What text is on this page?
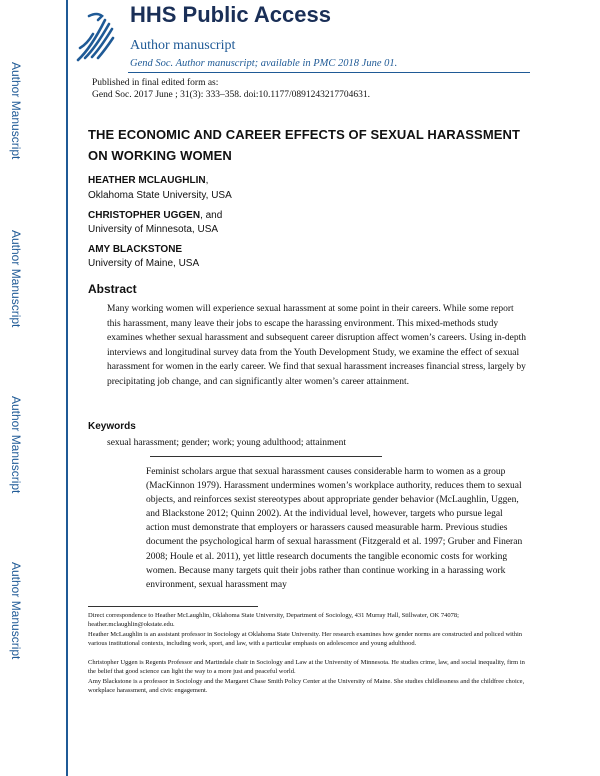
Author Manuscript
Author Manuscript
Author Manuscript
Author Manuscript
HHS Public Access
Author manuscript
Gend Soc. Author manuscript; available in PMC 2018 June 01.
Published in final edited form as:
Gend Soc. 2017 June ; 31(3): 333–358. doi:10.1177/0891243217704631.
THE ECONOMIC AND CAREER EFFECTS OF SEXUAL HARASSMENT ON WORKING WOMEN
HEATHER MCLAUGHLIN,
Oklahoma State University, USA
CHRISTOPHER UGGEN, and
University of Minnesota, USA
AMY BLACKSTONE
University of Maine, USA
Abstract

Many working women will experience sexual harassment at some point in their careers. While some report this harassment, many leave their jobs to escape the harassing environment. This mixed-methods study examines whether sexual harassment and subsequent career disruption affect women’s careers. Using in-depth interviews and longitudinal survey data from the Youth Development Study, we examine the effect of sexual harassment for women in the early career. We find that sexual harassment increases financial stress, largely by precipitating job change, and can significantly alter women’s career attainment.

Keywords
sexual harassment; gender; work; young adulthood; attainment

Feminist scholars argue that sexual harassment causes considerable harm to women as a group (MacKinnon 1979). Harassment undermines women’s workplace authority, reduces them to sexual objects, and reinforces sexist stereotypes about appropriate gender behavior (McLaughlin, Uggen, and Blackstone 2012; Quinn 2002). At the individual level, however, targets who pursue legal action must demonstrate that employers or harassers caused measurable harm. Previous studies document the psychological harm of sexual harassment (Fitzgerald et al. 1997; Gruber and Fineran 2008; Houle et al. 2011), yet little research documents the tangible economic costs for working women. Because many targets quit their jobs rather than continue working in a harassing work environment, sexual harassment may

Direct correspondence to Heather McLaughlin, Oklahoma State University, Department of Sociology, 431 Murray Hall, Stillwater, OK 74078; heather.mclaughlin@okstate.edu.

Heather McLaughlin is an assistant professor in Sociology at Oklahoma State University. Her research examines how gender norms are constructed and policed within various institutional contexts, including work, sport, and law, with a particular emphasis on adolescence and young adulthood.

Christopher Uggen is Regents Professor and Martindale chair in Sociology and Law at the University of Minnesota. He studies crime, law, and social inequality, firm in the belief that good science can light the way to a more just and peaceful world.

Amy Blackstone is a professor in Sociology and the Margaret Chase Smith Policy Center at the University of Maine. She studies childlessness and the childfree choice, workplace harassment, and civic engagement.
